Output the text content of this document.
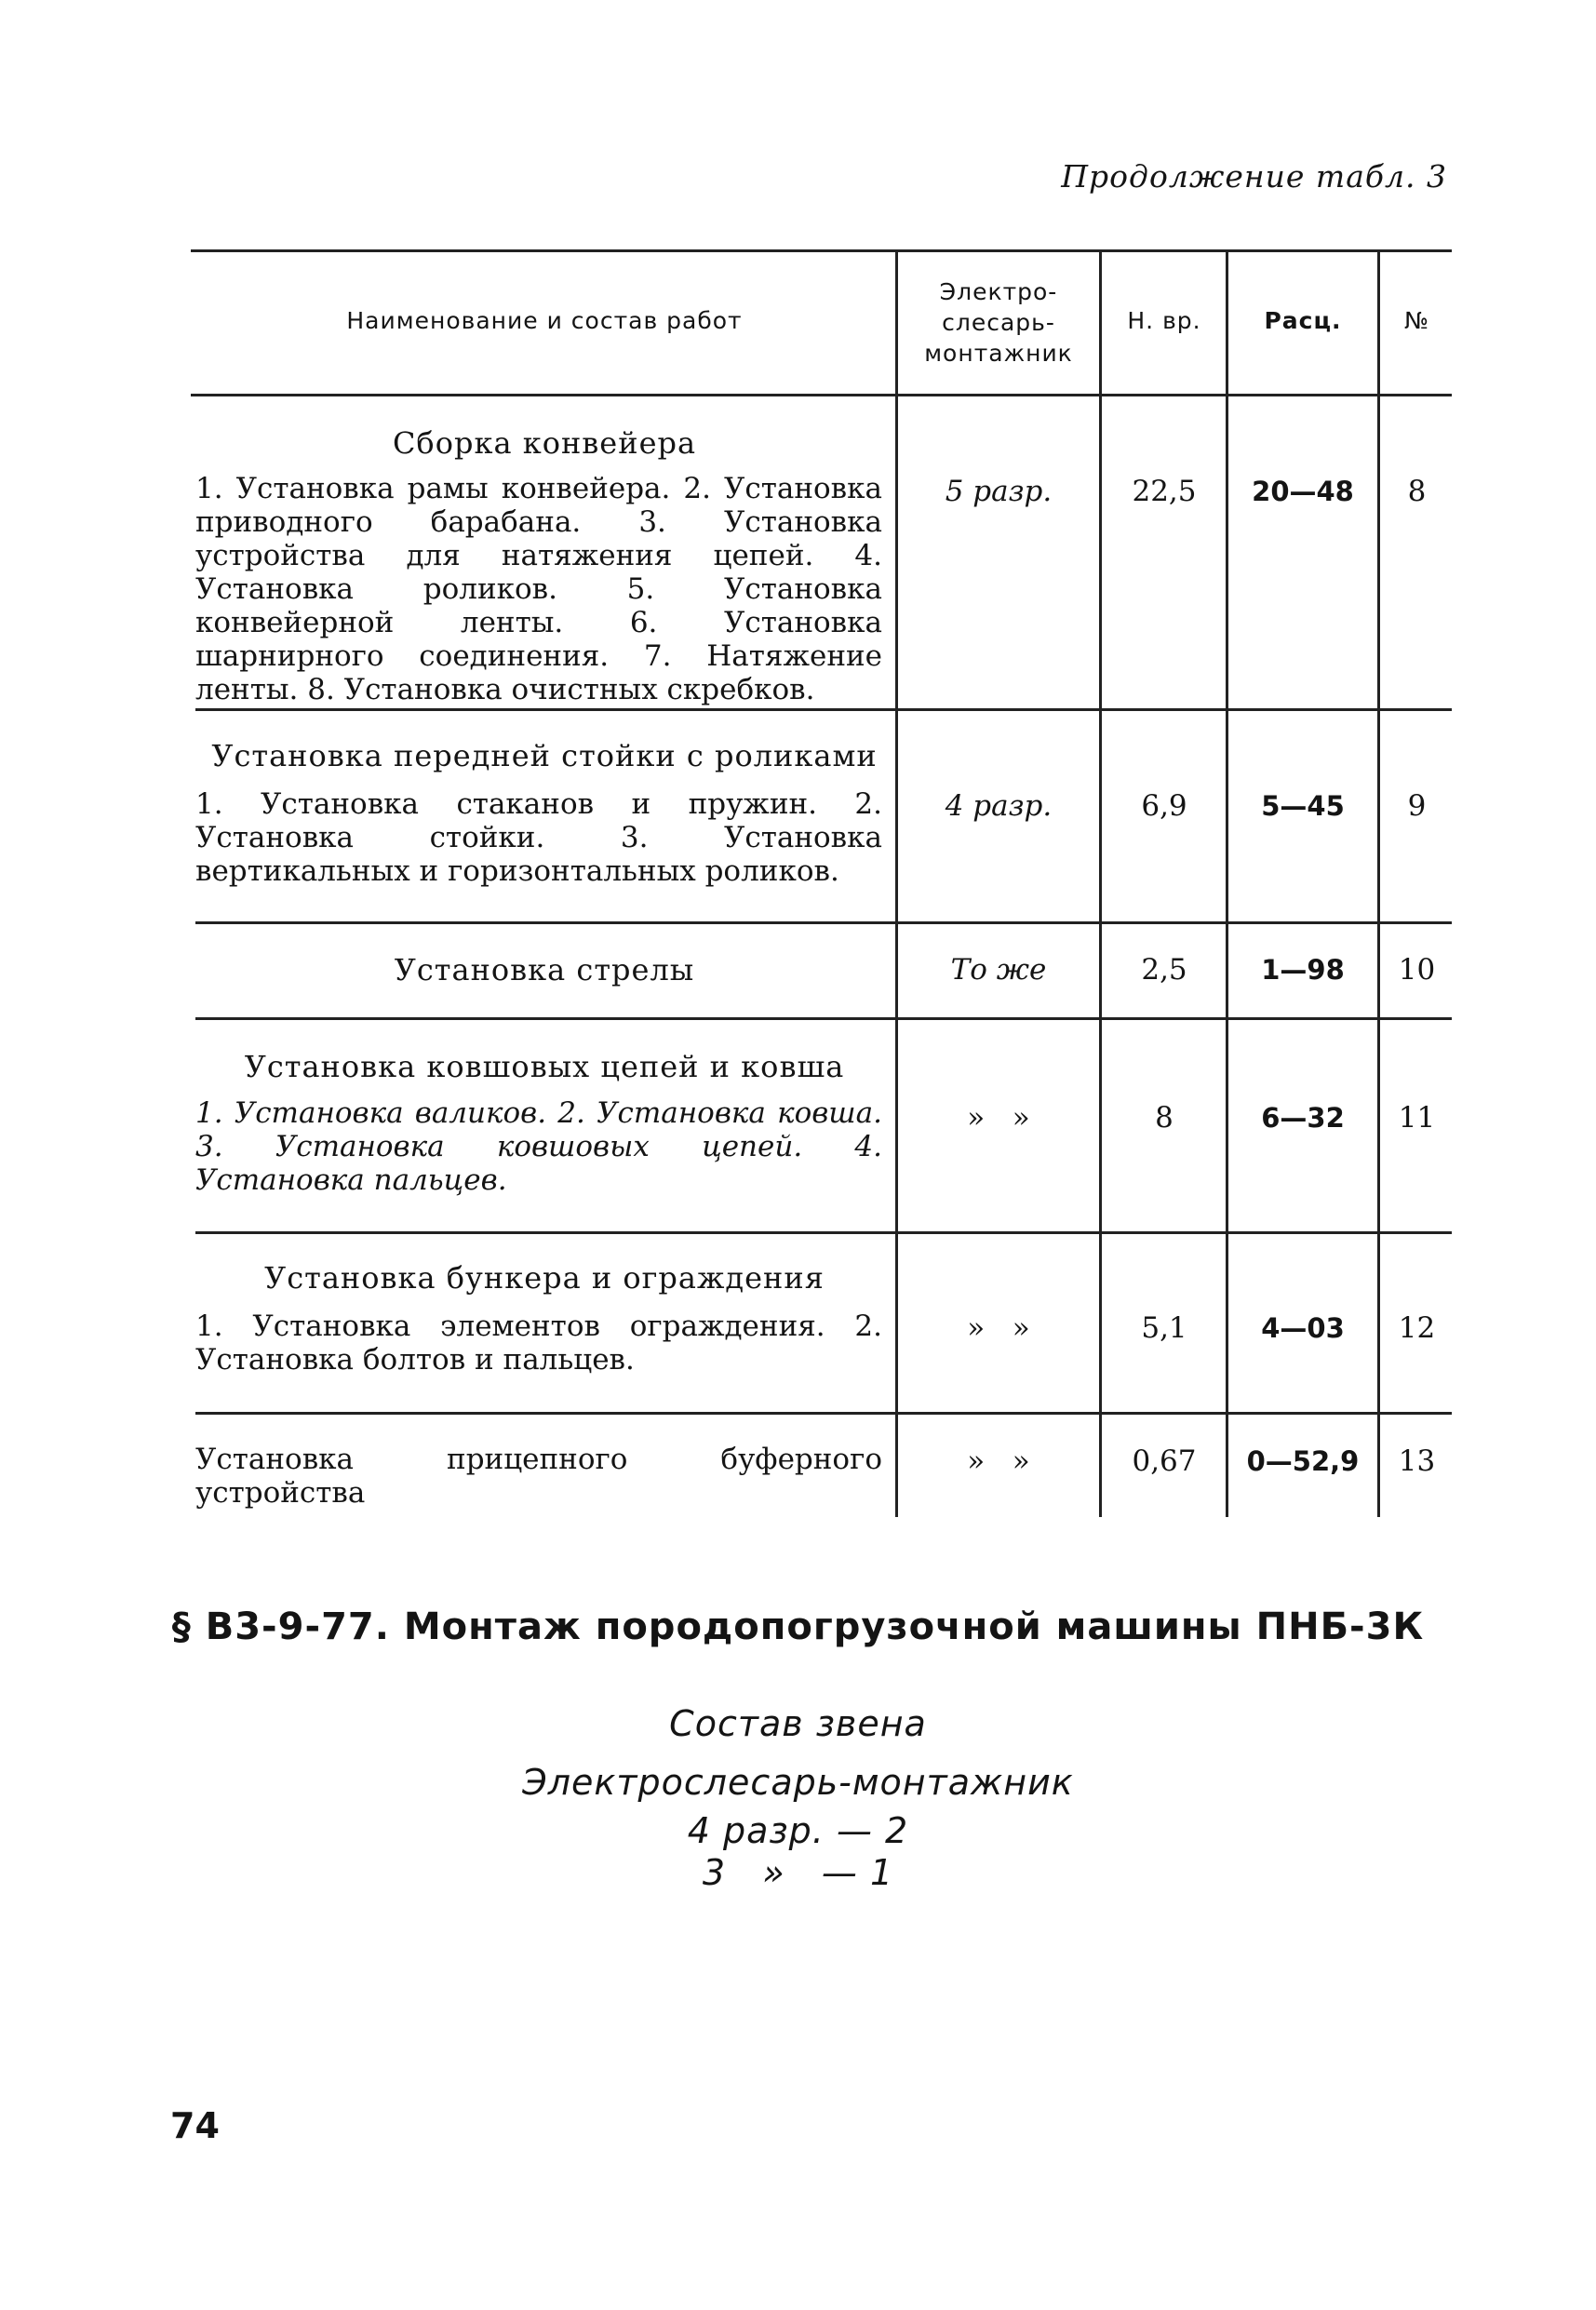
Продолжение табл. 3
Наименование и состав работ
Электро-
слесарь-
монтажник
Н. вр.	Расц.	№
Сборка конвейера
1. Установка рамы конвейера. 2. Установка приводного барабана. 3. Установка устройства для натяжения цепей. 4. Установка роликов. 5. Установка конвейерной ленты. 6. Установка шарнирного соединения. 7. Натяжение ленты. 8. Установка очистных скребков.
5 разр.	22,5	20—48	8
Установка передней стойки с роликами
1. Установка стаканов и пружин. 2. Установка стойки. 3. Установка вертикальных и горизонтальных роликов.
4 разр.	6,9	5—45	9
Установка стрелы	То же	2,5	1—98	10
Установка ковшовых цепей и ковша
1. Установка валиков. 2. Установка ковша. 3. Установка ковшовых цепей. 4. Установка пальцев.
»   »	8	6—32	11
Установка бункера и ограждения
1. Установка элементов ограждения. 2. Установка болтов и пальцев.
»   »	5,1	4—03	12
Установка прицепного буферного устройства
»   »	0,67	0—52,9	13
§ В3-9-77. Монтаж породопогрузочной машины ПНБ-3К
Состав звена
Электрослесарь-монтажник
4 разр. — 2
3   »   — 1
74
